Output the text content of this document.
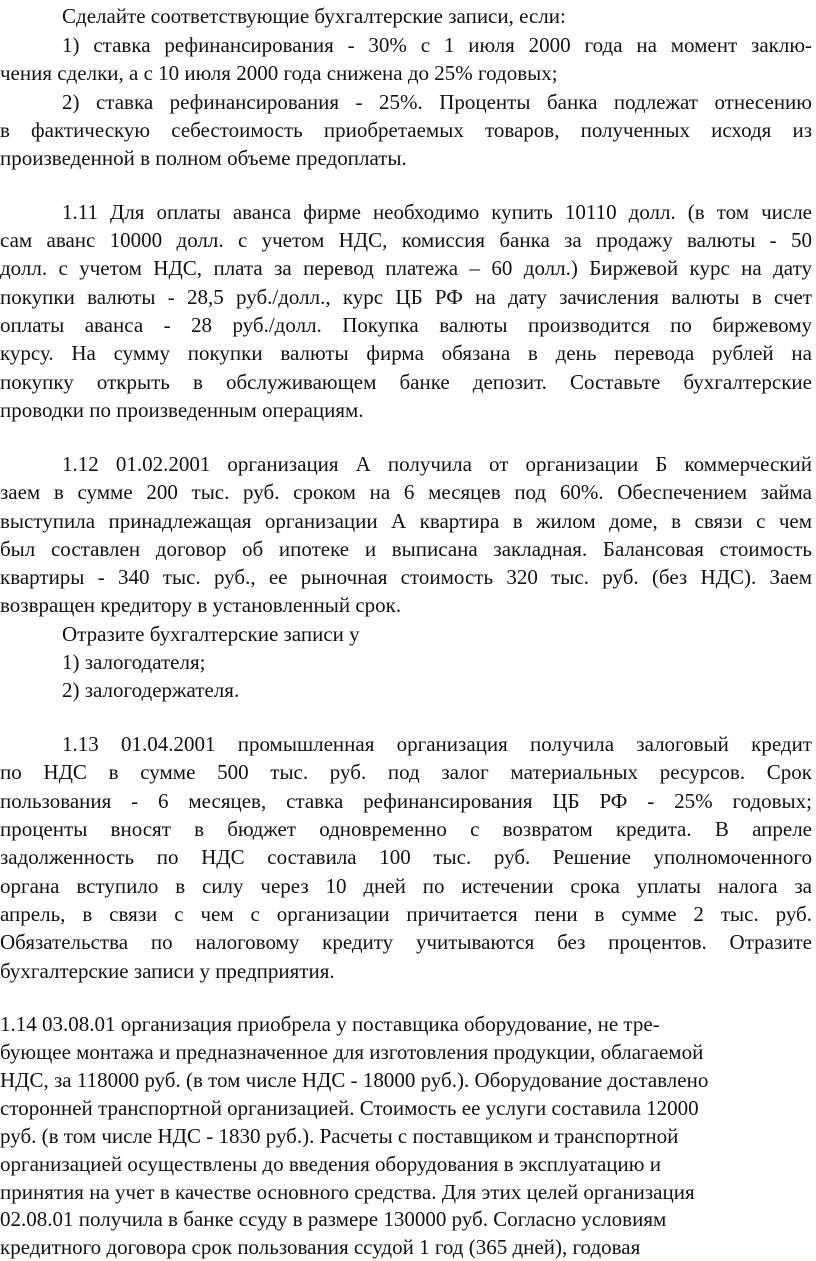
Сделайте соответствующие бухгалтерские записи, если:
1) ставка рефинансирования - 30% с 1 июля 2000 года на момент заклю-
чения сделки, а с 10 июля 2000 года снижена до 25% годовых;
2) ставка рефинансирования - 25%. Проценты банка подлежат отнесению
в фактическую себестоимость приобретаемых товаров, полученных исходя из
произведенной в полном объеме предоплаты.
1.11 Для оплаты аванса фирме необходимо купить 10110 долл. (в том числе
сам аванс 10000 долл. с учетом НДС, комиссия банка за продажу валюты - 50
долл. с учетом НДС, плата за перевод платежа – 60 долл.) Биржевой курс на дату
покупки валюты - 28,5 руб./долл., курс ЦБ РФ на дату зачисления валюты в счет
оплаты аванса - 28 руб./долл. Покупка валюты производится по биржевому
курсу. На сумму покупки валюты фирма обязана в день перевода рублей на
покупку открыть в обслуживающем банке депозит. Составьте бухгалтерские
проводки по произведенным операциям.
1.12 01.02.2001 организация А получила от организации Б коммерческий
заем в сумме 200 тыс. руб. сроком на 6 месяцев под 60%. Обеспечением займа
выступила принадлежащая организации А квартира в жилом доме, в связи с чем
был составлен договор об ипотеке и выписана закладная. Балансовая стоимость
квартиры - 340 тыс. руб., ее рыночная стоимость 320 тыс. руб. (без НДС). Заем
возвращен кредитору в установленный срок.
Отразите бухгалтерские записи у
1) залогодателя;
2) залогодержателя.
1.13 01.04.2001 промышленная организация получила залоговый кредит
по НДС в сумме 500 тыс. руб. под залог материальных ресурсов. Срок
пользования - 6 месяцев, ставка рефинансирования ЦБ РФ - 25% годовых;
проценты вносят в бюджет одновременно с возвратом кредита. В апреле
задолженность по НДС составила 100 тыс. руб. Решение уполномоченного
органа вступило в силу через 10 дней по истечении срока уплаты налога за
апрель, в связи с чем с организации причитается пени в сумме 2 тыс. руб.
Обязательства по налоговому кредиту учитываются без процентов. Отразите
бухгалтерские записи у предприятия.
1.14 03.08.01 организация приобрела у поставщика оборудование, не тре-
бующее монтажа и предназначенное для изготовления продукции, облагаемой
НДС, за 118000 руб. (в том числе НДС - 18000 руб.). Оборудование доставлено
сторонней транспортной организацией. Стоимость ее услуги составила 12000
руб. (в том числе НДС - 1830 руб.). Расчеты с поставщиком и транспортной
организацией осуществлены до введения оборудования в эксплуатацию и
принятия на учет в качестве основного средства. Для этих целей организация
02.08.01 получила в банке ссуду в размере 130000 руб. Согласно условиям
кредитного договора срок пользования ссудой 1 год (365 дней), годовая
